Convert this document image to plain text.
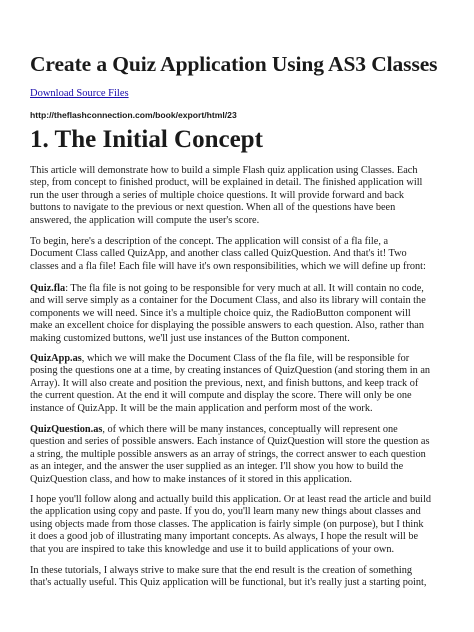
Create a Quiz Application Using AS3 Classes
Download Source Files
http://theflashconnection.com/book/export/html/23
1. The Initial Concept
This article will demonstrate how to build a simple Flash quiz application using Classes. Each
step, from concept to finished product, will be explained in detail. The finished application will
run the user through a series of multiple choice questions. It will provide forward and back
buttons to navigate to the previous or next question. When all of the questions have been
answered, the application will compute the user's score.
To begin, here's a description of the concept. The application will consist of a fla file, a
Document Class called QuizApp, and another class called QuizQuestion. And that's it! Two
classes and a fla file! Each file will have it's own responsibilities, which we will define up front:
Quiz.fla: The fla file is not going to be responsible for very much at all. It will contain no code,
and will serve simply as a container for the Document Class, and also its library will contain the
components we will need. Since it's a multiple choice quiz, the RadioButton component will
make an excellent choice for displaying the possible answers to each question. Also, rather than
making customized buttons, we'll just use instances of the Button component.
QuizApp.as, which we will make the Document Class of the fla file, will be responsible for
posing the questions one at a time, by creating instances of QuizQuestion (and storing them in an
Array). It will also create and position the previous, next, and finish buttons, and keep track of
the current question. At the end it will compute and display the score. There will only be one
instance of QuizApp. It will be the main application and perform most of the work.
QuizQuestion.as, of which there will be many instances, conceptually will represent one
question and series of possible answers. Each instance of QuizQuestion will store the question as
a string, the multiple possible answers as an array of strings, the correct answer to each question
as an integer, and the answer the user supplied as an integer. I'll show you how to build the
QuizQuestion class, and how to make instances of it stored in this application.
I hope you'll follow along and actually build this application. Or at least read the article and build
the application using copy and paste. If you do, you'll learn many new things about classes and
using objects made from those classes. The application is fairly simple (on purpose), but I think
it does a good job of illustrating many important concepts. As always, I hope the result will be
that you are inspired to take this knowledge and use it to build applications of your own.
In these tutorials, I always strive to make sure that the end result is the creation of something
that's actually useful. This Quiz application will be functional, but it's really just a starting point,
